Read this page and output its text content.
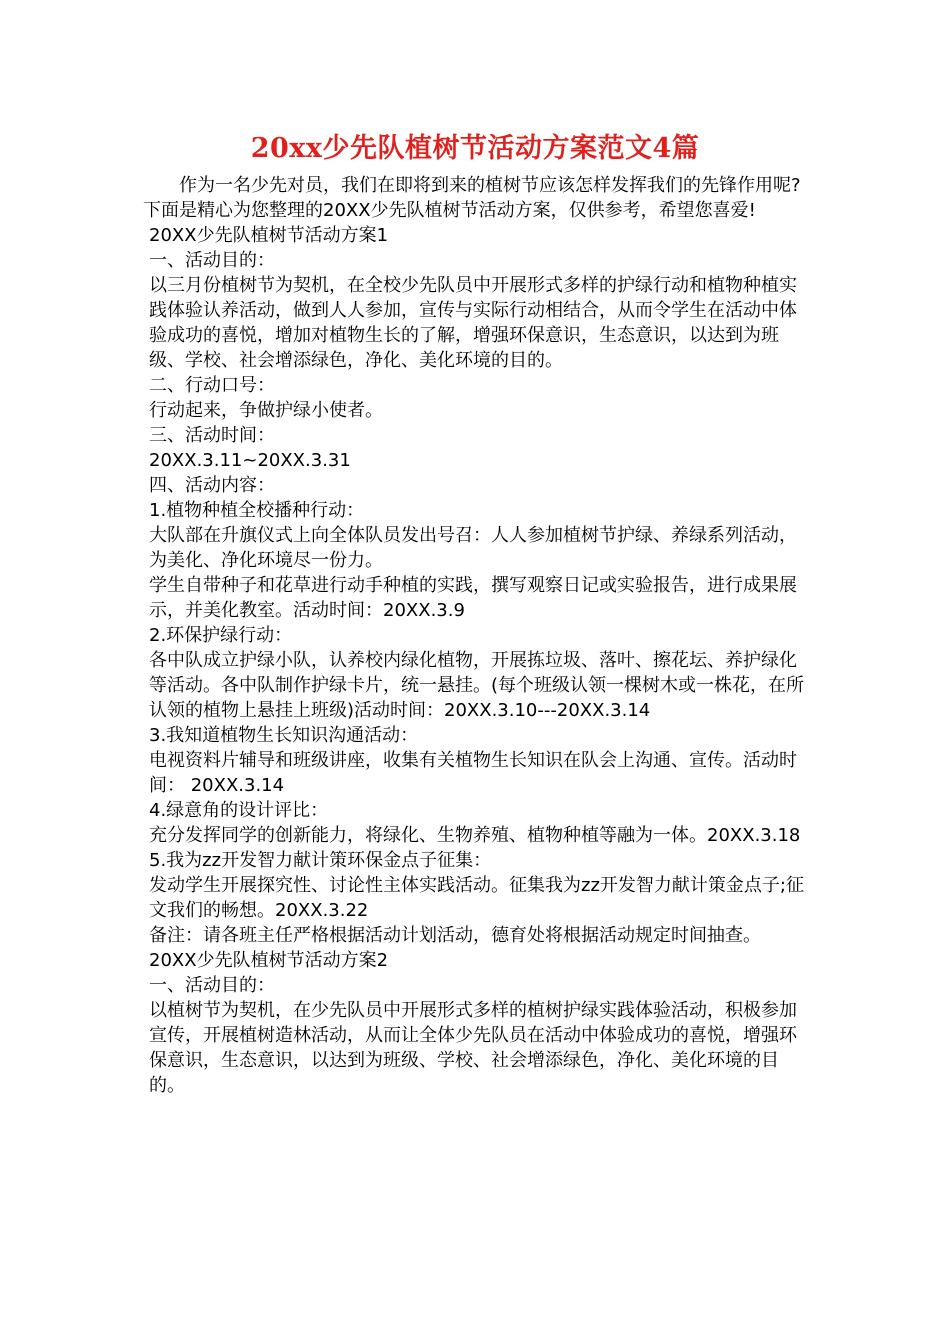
20xx少先队植树节活动方案范文4篇

作为一名少先对员，我们在即将到来的植树节应该怎样发挥我们的先锋作用呢?下面是精心为您整理的20XX少先队植树节活动方案，仅供参考，希望您喜爱!

20XX少先队植树节活动方案1

一、活动目的：

以三月份植树节为契机，在全校少先队员中开展形式多样的护绿行动和植物种植实践体验认养活动，做到人人参加，宣传与实际行动相结合，从而令学生在活动中体验成功的喜悦，增加对植物生长的了解，增强环保意识，生态意识，以达到为班级、学校、社会增添绿色，净化、美化环境的目的。

二、行动口号：

行动起来，争做护绿小使者。

三、活动时间：

20XX.3.11~20XX.3.31

四、活动内容：

1.植物种植全校播种行动：

大队部在升旗仪式上向全体队员发出号召：人人参加植树节护绿、养绿系列活动，为美化、净化环境尽一份力。

学生自带种子和花草进行动手种植的实践，撰写观察日记或实验报告，进行成果展示，并美化教室。活动时间：20XX.3.9

2.环保护绿行动：

各中队成立护绿小队，认养校内绿化植物，开展拣垃圾、落叶、擦花坛、养护绿化等活动。各中队制作护绿卡片，统一悬挂。(每个班级认领一棵树木或一株花，在所认领的植物上悬挂上班级)活动时间：20XX.3.10---20XX.3.14

3.我知道植物生长知识沟通活动：

电视资料片辅导和班级讲座，收集有关植物生长知识在队会上沟通、宣传。活动时间： 20XX.3.14

4.绿意角的设计评比：

充分发挥同学的创新能力，将绿化、生物养殖、植物种植等融为一体。20XX.3.18

5.我为zz开发智力献计策环保金点子征集：

发动学生开展探究性、讨论性主体实践活动。征集我为zz开发智力献计策金点子;征文我们的畅想。20XX.3.22

备注：请各班主任严格根据活动计划活动，德育处将根据活动规定时间抽查。

20XX少先队植树节活动方案2

一、活动目的：

以植树节为契机，在少先队员中开展形式多样的植树护绿实践体验活动，积极参加宣传，开展植树造林活动，从而让全体少先队员在活动中体验成功的喜悦，增强环保意识，生态意识，以达到为班级、学校、社会增添绿色，净化、美化环境的目的。
